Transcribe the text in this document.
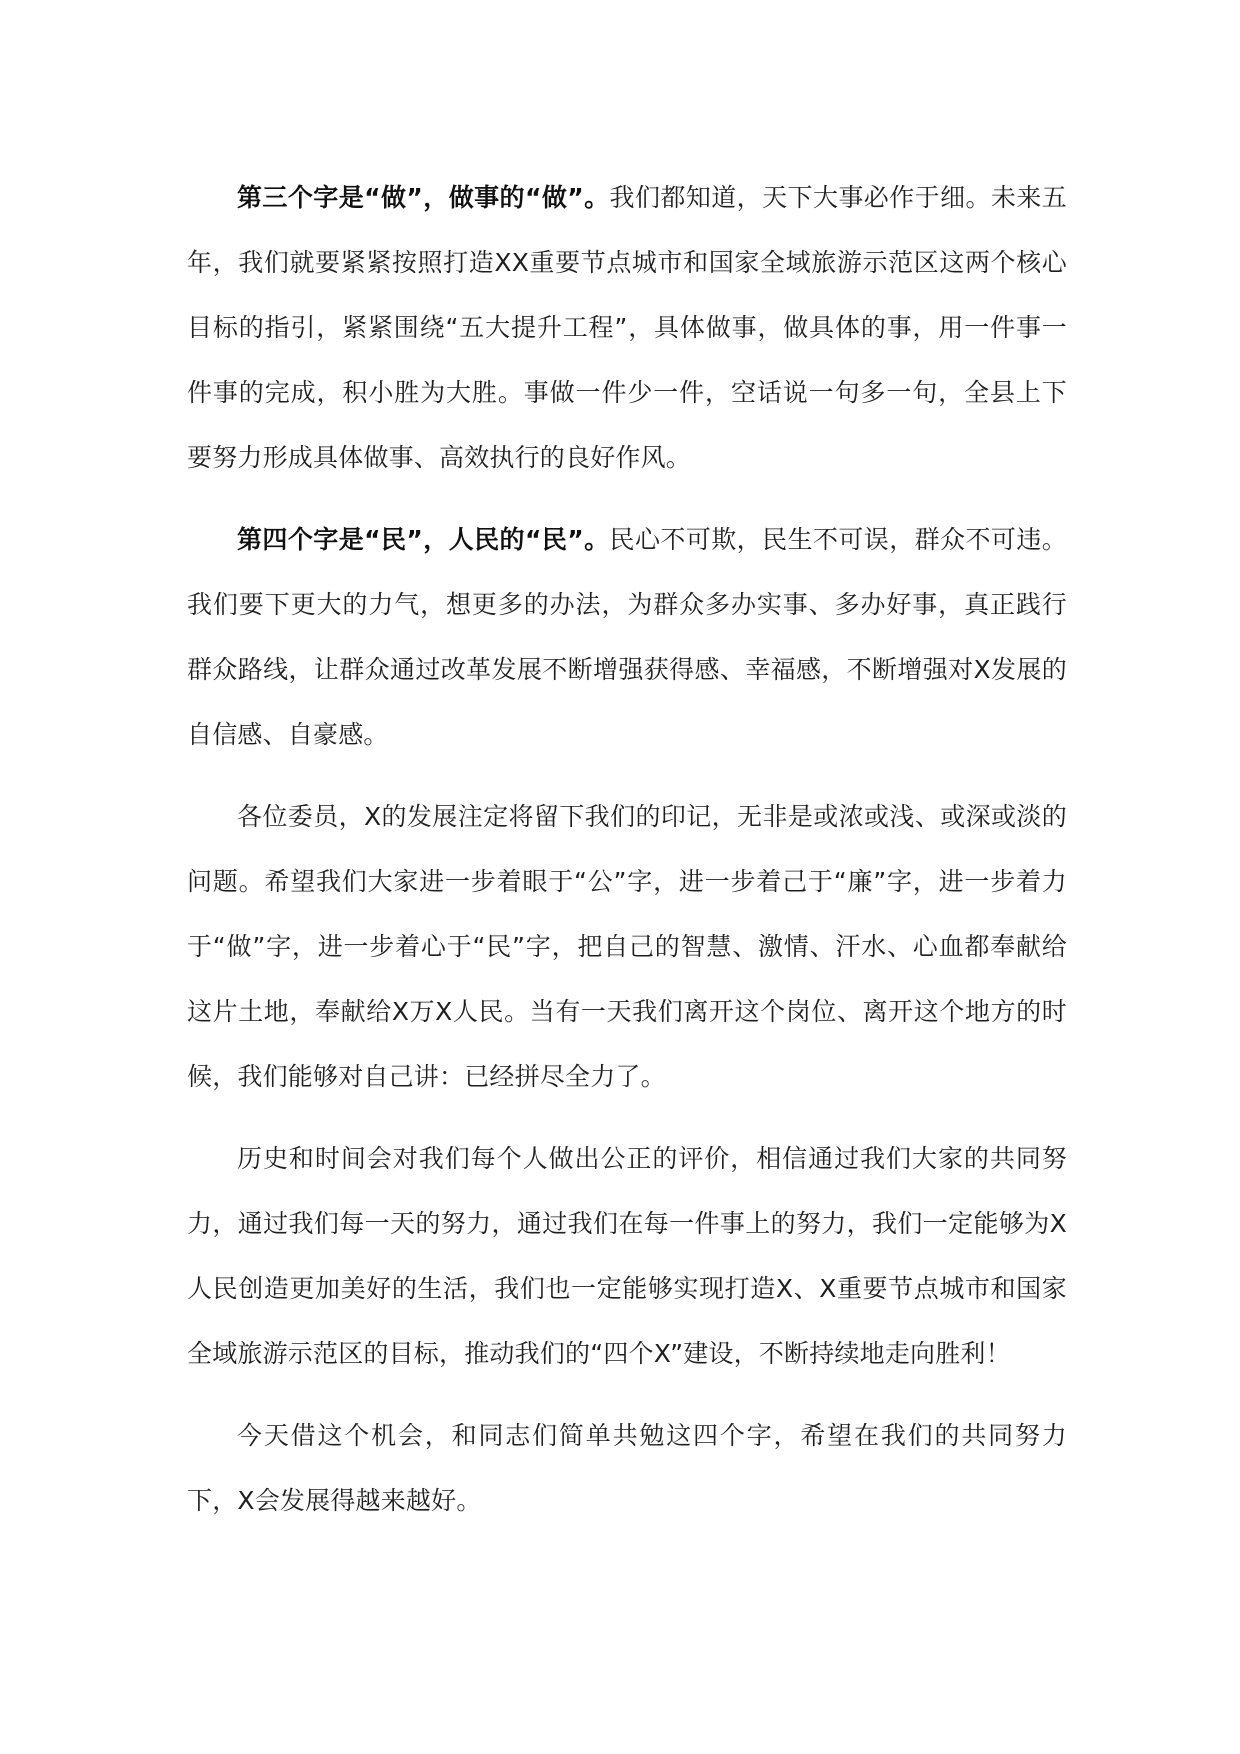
第三个字是“做”，做事的“做”。我们都知道，天下大事必作于细。未来五年，我们就要紧紧按照打造XX重要节点城市和国家全域旅游示范区这两个核心目标的指引，紧紧围绕“五大提升工程”，具体做事，做具体的事，用一件事一件事的完成，积小胜为大胜。事做一件少一件，空话说一句多一句，全县上下要努力形成具体做事、高效执行的良好作风。

第四个字是“民”，人民的“民”。民心不可欺，民生不可误，群众不可违。我们要下更大的力气，想更多的办法，为群众多办实事、多办好事，真正践行群众路线，让群众通过改革发展不断增强获得感、幸福感，不断增强对X发展的自信感、自豪感。

各位委员，X的发展注定将留下我们的印记，无非是或浓或浅、或深或淡的问题。希望我们大家进一步着眼于“公”字，进一步着己于“廉”字，进一步着力于“做”字，进一步着心于“民”字，把自己的智慧、激情、汗水、心血都奉献给这片土地，奉献给X万X人民。当有一天我们离开这个岗位、离开这个地方的时候，我们能够对自己讲：已经拼尽全力了。

历史和时间会对我们每个人做出公正的评价，相信通过我们大家的共同努力，通过我们每一天的努力，通过我们在每一件事上的努力，我们一定能够为X人民创造更加美好的生活，我们也一定能够实现打造X、X重要节点城市和国家全域旅游示范区的目标，推动我们的“四个X”建设，不断持续地走向胜利！

今天借这个机会，和同志们简单共勉这四个字，希望在我们的共同努力下，X会发展得越来越好。
